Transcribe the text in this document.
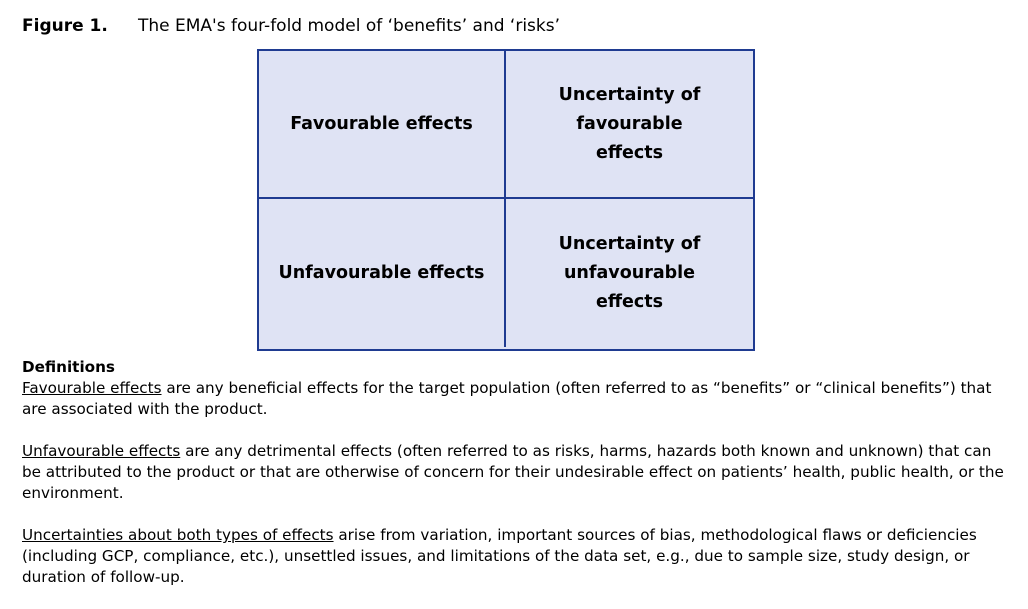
Figure 1. The EMA's four-fold model of ‘benefits’ and ‘risks’
Favourable effects
Uncertainty of favourable effects
Unfavourable effects
Uncertainty of unfavourable effects
Definitions

Favourable effects are any beneficial effects for the target population (often referred to as “benefits” or “clinical benefits”) that are associated with the product.

Unfavourable effects are any detrimental effects (often referred to as risks, harms, hazards both known and unknown) that can be attributed to the product or that are otherwise of concern for their undesirable effect on patients’ health, public health, or the environment.

Uncertainties about both types of effects arise from variation, important sources of bias, methodological flaws or deficiencies (including GCP, compliance, etc.), unsettled issues, and limitations of the data set, e.g., due to sample size, study design, or duration of follow-up.
